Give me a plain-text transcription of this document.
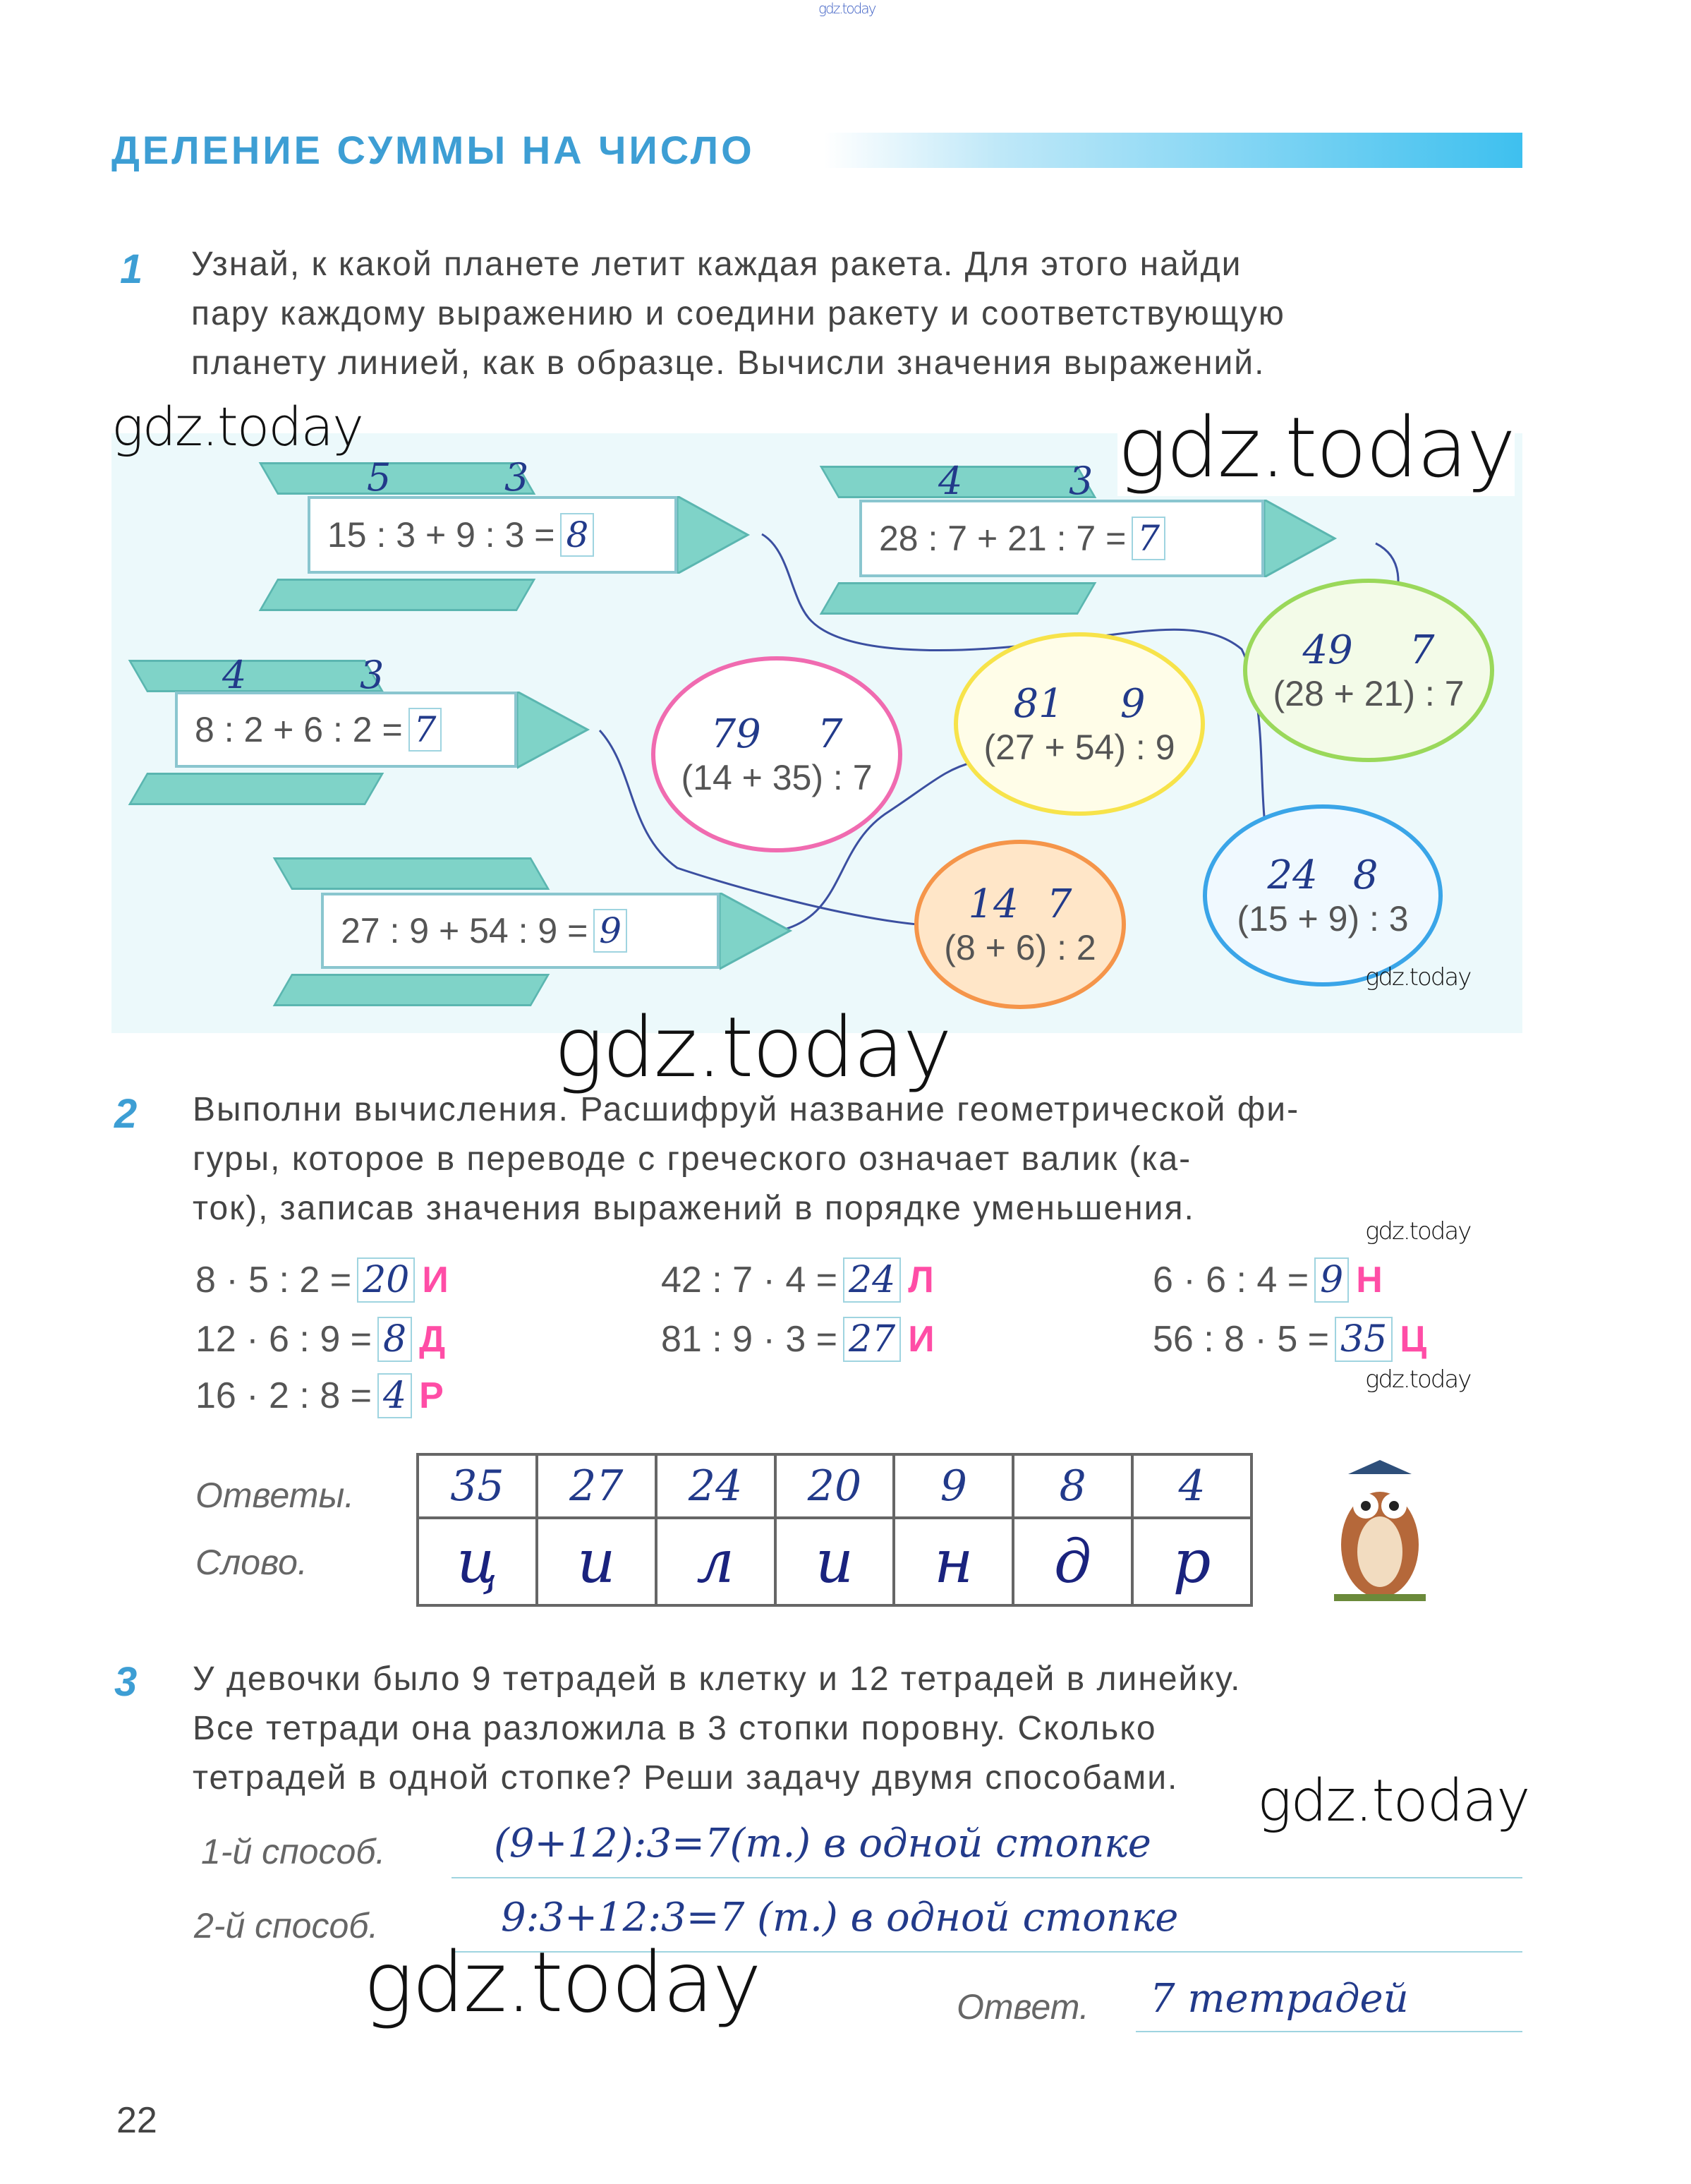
gdz.today
ДЕЛЕНИЕ СУММЫ НА ЧИСЛО
1 Узнай, к какой планете летит каждая ракета. Для этого найди
пару каждому выражению и соедини ракету и соответствующую
планету линией, как в образце. Вычисли значения выражений.
15 : 3 + 9 : 3 = 8
5	3
28 : 7 + 21 : 7 = 7
4	3
8 : 2 + 6 : 2 = 7
4	3
27 : 9 + 54 : 9 = 9
79 7
(14 + 35) : 7
81 9
(27 + 54) : 9
49 7
(28 + 21) : 7
14 7
(8 + 6) : 2
24 8
(15 + 9) : 3
gdz.today	gdz.today
gdz.today
gdz.today
2 Выполни вычисления. Расшифруй название геометрической фи-
гуры, которое в переводе с греческого означает валик (ка-
ток), записав значения выражений в порядке уменьшения.
gdz.today
8 · 5 : 2 = 20 И
12 · 6 : 9 = 8 Д
16 · 2 : 8 = 4 Р
42 : 7 · 4 = 24 Л
81 : 9 · 3 = 27 И
6 · 6 : 4 = 9 Н
56 : 8 · 5 = 35 Ц
gdz.today
Ответы.
Слово.
35	27	24	20	9	8	4
ц	и	л	и	н	д	р
3 У девочки было 9 тетрадей в клетку и 12 тетрадей в линейку.
Все тетради она разложила в 3 стопки поровну. Сколько
тетрадей в одной стопке? Реши задачу двумя способами.	gdz.today
1-й способ.	(9+12):3=7(т.) в одной стопке
2-й способ.	9:3+12:3=7 (т.) в одной стопке
Ответ.	7 тетрадей
gdz.today
22
